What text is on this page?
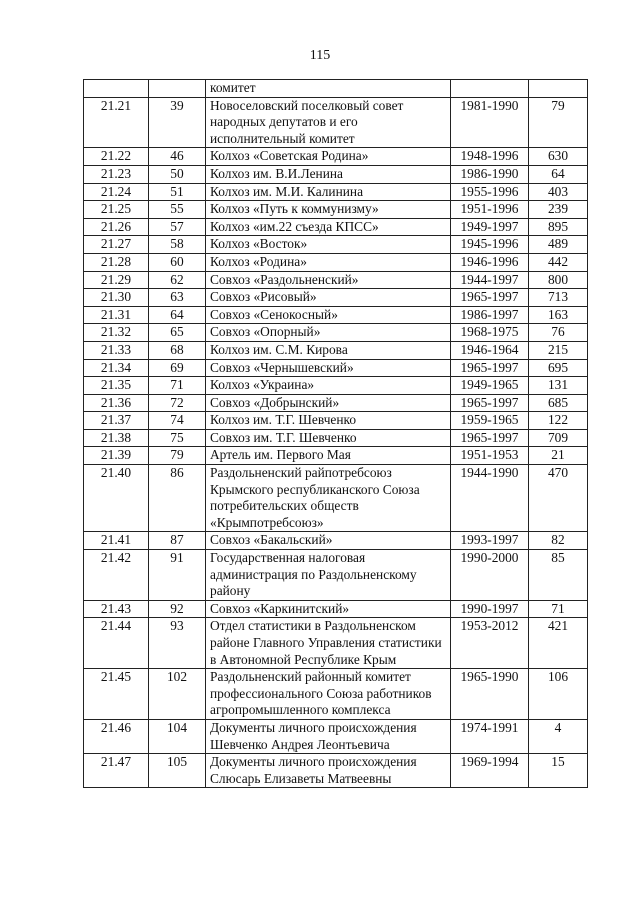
115
		комитет		
21.21	39	Новоселовский поселковый совет народных депутатов и его исполнительный комитет	1981-1990	79
21.22	46	Колхоз «Советская Родина»	1948-1996	630
21.23	50	Колхоз им. В.И.Ленина	1986-1990	64
21.24	51	Колхоз им. М.И. Калинина	1955-1996	403
21.25	55	Колхоз «Путь к коммунизму»	1951-1996	239
21.26	57	Колхоз «им.22 съезда КПСС»	1949-1997	895
21.27	58	Колхоз «Восток»	1945-1996	489
21.28	60	Колхоз «Родина»	1946-1996	442
21.29	62	Совхоз «Раздольненский»	1944-1997	800
21.30	63	Совхоз «Рисовый»	1965-1997	713
21.31	64	Совхоз «Сенокосный»	1986-1997	163
21.32	65	Совхоз «Опорный»	1968-1975	76
21.33	68	Колхоз им. С.М. Кирова	1946-1964	215
21.34	69	Совхоз «Чернышевский»	1965-1997	695
21.35	71	Колхоз «Украина»	1949-1965	131
21.36	72	Совхоз «Добрынский»	1965-1997	685
21.37	74	Колхоз им. Т.Г. Шевченко	1959-1965	122
21.38	75	Совхоз им. Т.Г. Шевченко	1965-1997	709
21.39	79	Артель им. Первого Мая	1951-1953	21
21.40	86	Раздольненский райпотребсоюз Крымского республиканского Союза потребительских обществ «Крымпотребсоюз»	1944-1990	470
21.41	87	Совхоз «Бакальский»	1993-1997	82
21.42	91	Государственная налоговая администрация по Раздольненскому району	1990-2000	85
21.43	92	Совхоз «Каркинитский»	1990-1997	71
21.44	93	Отдел статистики в Раздольненском районе Главного Управления статистики в Автономной Республике Крым	1953-2012	421
21.45	102	Раздольненский районный комитет профессионального Союза работников агропромышленного комплекса	1965-1990	106
21.46	104	Документы личного происхождения Шевченко Андрея Леонтьевича	1974-1991	4
21.47	105	Документы личного происхождения Слюсарь Елизаветы Матвеевны	1969-1994	15
